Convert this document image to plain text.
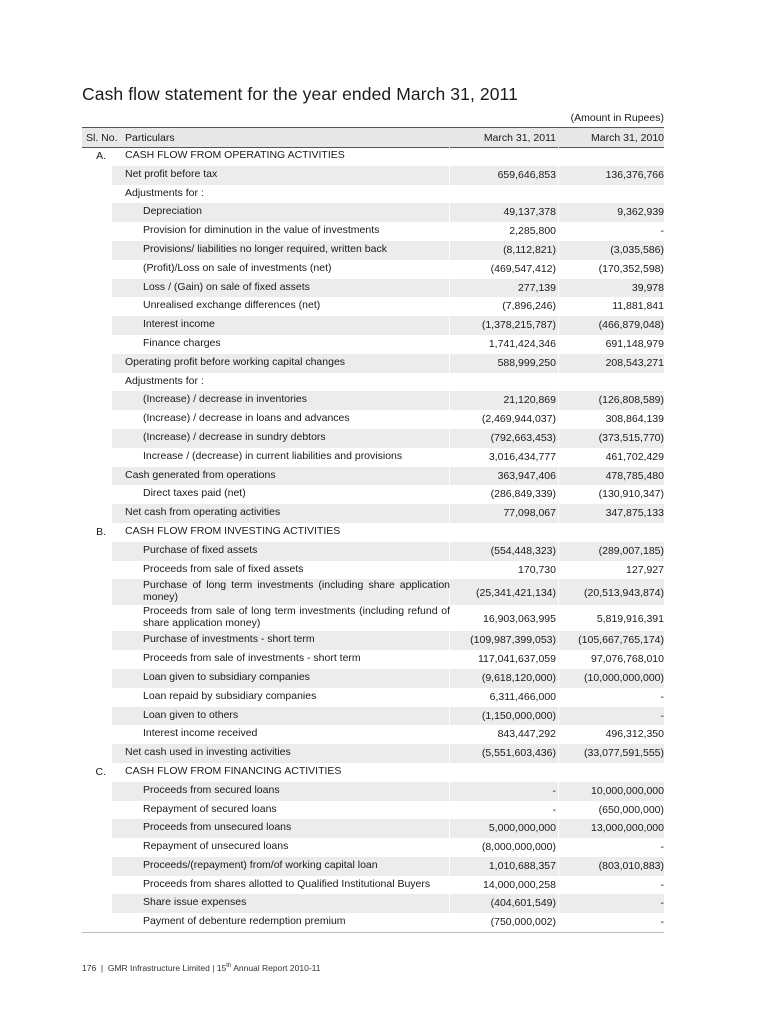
Cash flow statement for the year ended March 31, 2011
(Amount in Rupees)
Sl. No. Particulars	March 31, 2011	March 31, 2010
A.	CASH FLOW FROM OPERATING ACTIVITIES
Net profit before tax	659,646,853	136,376,766
Adjustments for :
Depreciation	49,137,378	9,362,939
Provision for diminution in the value of investments	2,285,800	-
Provisions/ liabilities no longer required, written back	(8,112,821)	(3,035,586)
(Profit)/Loss on sale of investments (net)	(469,547,412)	(170,352,598)
Loss / (Gain) on sale of fixed assets	277,139	39,978
Unrealised exchange differences (net)	(7,896,246)	11,881,841
Interest income	(1,378,215,787)	(466,879,048)
Finance charges	1,741,424,346	691,148,979
Operating profit before working capital changes	588,999,250	208,543,271
Adjustments for :
(Increase) / decrease in inventories	21,120,869	(126,808,589)
(Increase) / decrease in loans and advances	(2,469,944,037)	308,864,139
(Increase) / decrease in sundry debtors	(792,663,453)	(373,515,770)
Increase / (decrease) in current liabilities and provisions	3,016,434,777	461,702,429
Cash generated from operations	363,947,406	478,785,480
Direct taxes paid (net)	(286,849,339)	(130,910,347)
Net cash from operating activities	77,098,067	347,875,133
B.	CASH FLOW FROM INVESTING ACTIVITIES
Purchase of fixed assets	(554,448,323)	(289,007,185)
Proceeds from sale of fixed assets	170,730	127,927
Purchase of long term investments (including share application money)	(25,341,421,134)	(20,513,943,874)
Proceeds from sale of long term investments (including refund of share application money)	16,903,063,995	5,819,916,391
Purchase of investments - short term	(109,987,399,053)	(105,667,765,174)
Proceeds from sale of investments - short term	117,041,637,059	97,076,768,010
Loan given to subsidiary companies	(9,618,120,000)	(10,000,000,000)
Loan repaid by subsidiary companies	6,311,466,000	-
Loan given to others	(1,150,000,000)	-
Interest income received	843,447,292	496,312,350
Net cash used in investing activities	(5,551,603,436)	(33,077,591,555)
C.	CASH FLOW FROM FINANCING ACTIVITIES
Proceeds from secured loans	-	10,000,000,000
Repayment of secured loans	-	(650,000,000)
Proceeds from unsecured loans	5,000,000,000	13,000,000,000
Repayment of unsecured loans	(8,000,000,000)	-
Proceeds/(repayment) from/of working capital loan	1,010,688,357	(803,010,883)
Proceeds from shares allotted to Qualified Institutional Buyers	14,000,000,258	-
Share issue expenses	(404,601,549)	-
Payment of debenture redemption premium	(750,000,002)	-
176  |  GMR Infrastructure Limited | 15th Annual Report 2010-11
